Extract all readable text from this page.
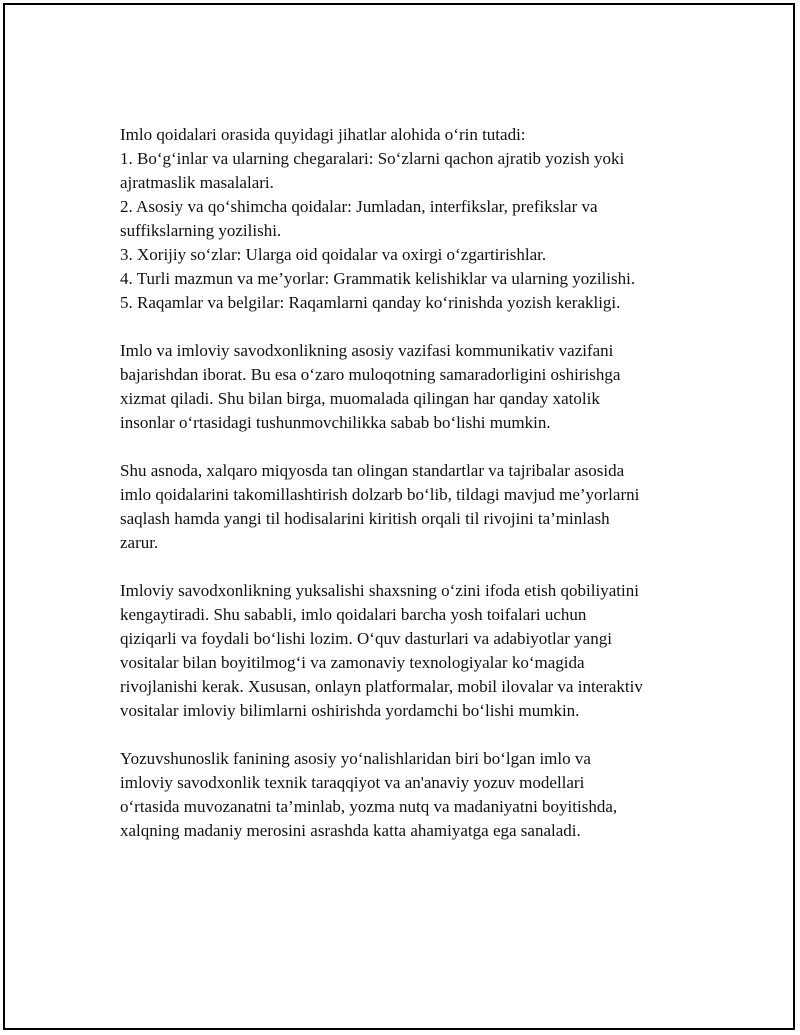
Imlo qoidalari orasida quyidagi jihatlar alohida o‘rin tutadi:
1. Bo‘g‘inlar va ularning chegaralari: So‘zlarni qachon ajratib yozish yoki
ajratmaslik masalalari.
2. Asosiy va qo‘shimcha qoidalar: Jumladan, interfikslar, prefikslar va
suffikslarning yozilishi.
3. Xorijiy so‘zlar: Ularga oid qoidalar va oxirgi o‘zgartirishlar.
4. Turli mazmun va me’yorlar: Grammatik kelishiklar va ularning yozilishi.
5. Raqamlar va belgilar: Raqamlarni qanday ko‘rinishda yozish kerakligi.

Imlo va imloviy savodxonlikning asosiy vazifasi kommunikativ vazifani
bajarishdan iborat. Bu esa o‘zaro muloqotning samaradorligini oshirishga
xizmat qiladi. Shu bilan birga, muomalada qilingan har qanday xatolik
insonlar o‘rtasidagi tushunmovchilikka sabab bo‘lishi mumkin.

Shu asnoda, xalqaro miqyosda tan olingan standartlar va tajribalar asosida
imlo qoidalarini takomillashtirish dolzarb bo‘lib, tildagi mavjud me’yorlarni
saqlash hamda yangi til hodisalarini kiritish orqali til rivojini ta’minlash
zarur.

Imloviy savodxonlikning yuksalishi shaxsning o‘zini ifoda etish qobiliyatini
kengaytiradi. Shu sababli, imlo qoidalari barcha yosh toifalari uchun
qiziqarli va foydali bo‘lishi lozim. O‘quv dasturlari va adabiyotlar yangi
vositalar bilan boyitilmog‘i va zamonaviy texnologiyalar ko‘magida
rivojlanishi kerak. Xususan, onlayn platformalar, mobil ilovalar va interaktiv
vositalar imloviy bilimlarni oshirishda yordamchi bo‘lishi mumkin.

Yozuvshunoslik fanining asosiy yo‘nalishlaridan biri bo‘lgan imlo va
imloviy savodxonlik texnik taraqqiyot va an'anaviy yozuv modellari
o‘rtasida muvozanatni ta’minlab, yozma nutq va madaniyatni boyitishda,
xalqning madaniy merosini asrashda katta ahamiyatga ega sanaladi.
